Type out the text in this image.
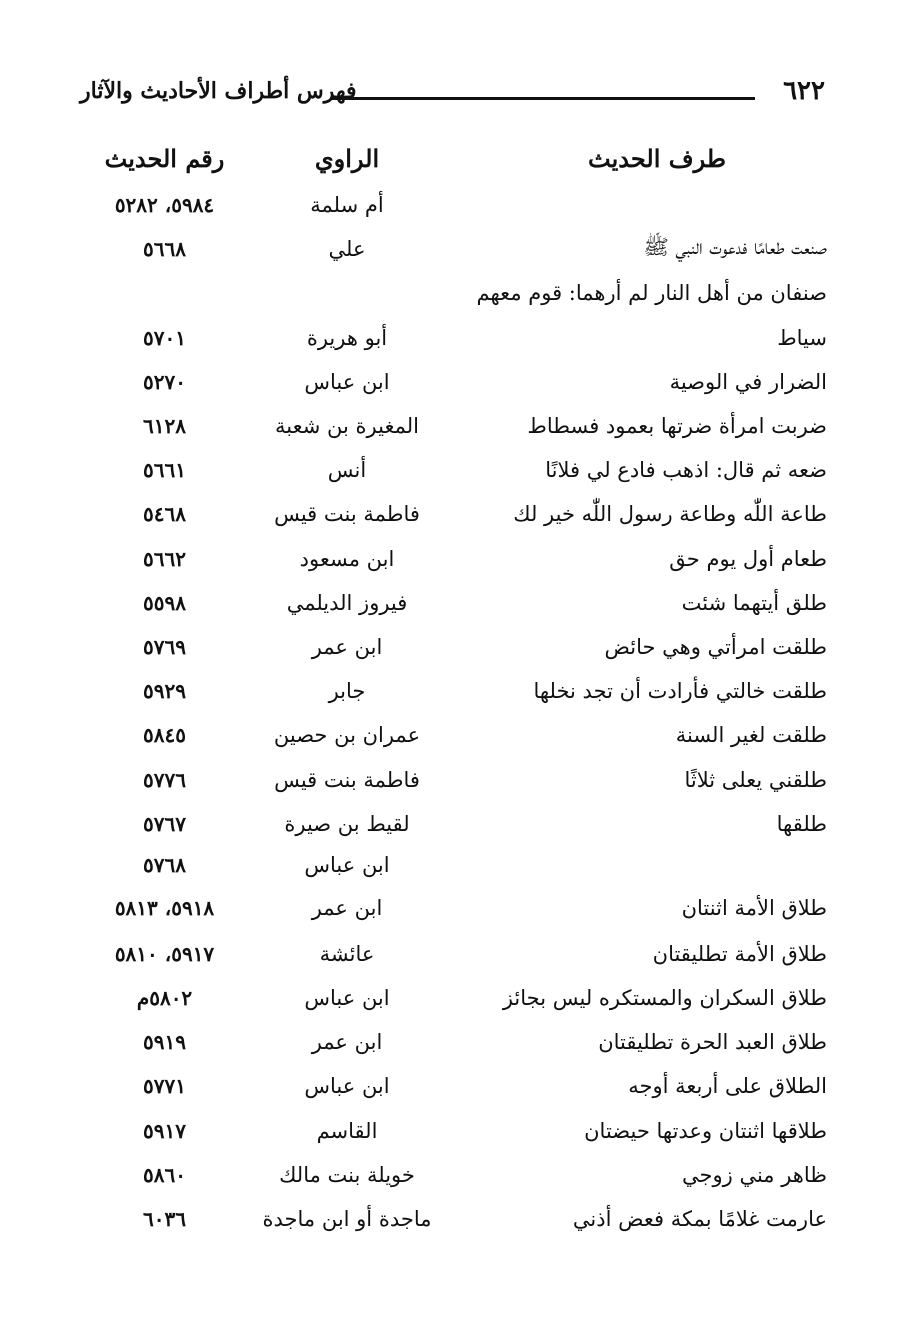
٦٢٢
فهرس أطراف الأحاديث والآثار
طرف الحديث
الراوي
رقم الحديث
أم سلمة
٥٩٨٤، ٥٢٨٢
صنعت طعامًا فدعوت النبي ﷺ
علي
٥٦٦٨
صنفان من أهل النار لم أرهما: قوم معهم
سياط
أبو هريرة
٥٧٠١
الضرار في الوصية
ابن عباس
٥٢٧٠
ضربت امرأة ضرتها بعمود فسطاط
المغيرة بن شعبة
٦١٢٨
ضعه ثم قال: اذهب فادع لي فلانًا
أنس
٥٦٦١
طاعة اللّٰه وطاعة رسول اللّٰه خير لك
فاطمة بنت قيس
٥٤٦٨
طعام أول يوم حق
ابن مسعود
٥٦٦٢
طلق أيتهما شئت
فيروز الديلمي
٥٥٩٨
طلقت امرأتي وهي حائض
ابن عمر
٥٧٦٩
طلقت خالتي فأرادت أن تجد نخلها
جابر
٥٩٢٩
طلقت لغير السنة
عمران بن حصين
٥٨٤٥
طلقني يعلى ثلاثًا
فاطمة بنت قيس
٥٧٧٦
طلقها
لقيط بن صيرة
٥٧٦٧
ابن عباس
٥٧٦٨
طلاق الأمة اثنتان
ابن عمر
٥٩١٨، ٥٨١٣
طلاق الأمة تطليقتان
عائشة
٥٩١٧، ٥٨١٠
طلاق السكران والمستكره ليس بجائز
ابن عباس
٥٨٠٢م
طلاق العبد الحرة تطليقتان
ابن عمر
٥٩١٩
الطلاق على أربعة أوجه
ابن عباس
٥٧٧١
طلاقها اثنتان وعدتها حيضتان
القاسم
٥٩١٧
ظاهر مني زوجي
خويلة بنت مالك
٥٨٦٠
عارمت غلامًا بمكة فعض أذني
ماجدة أو ابن ماجدة
٦٠٣٦
